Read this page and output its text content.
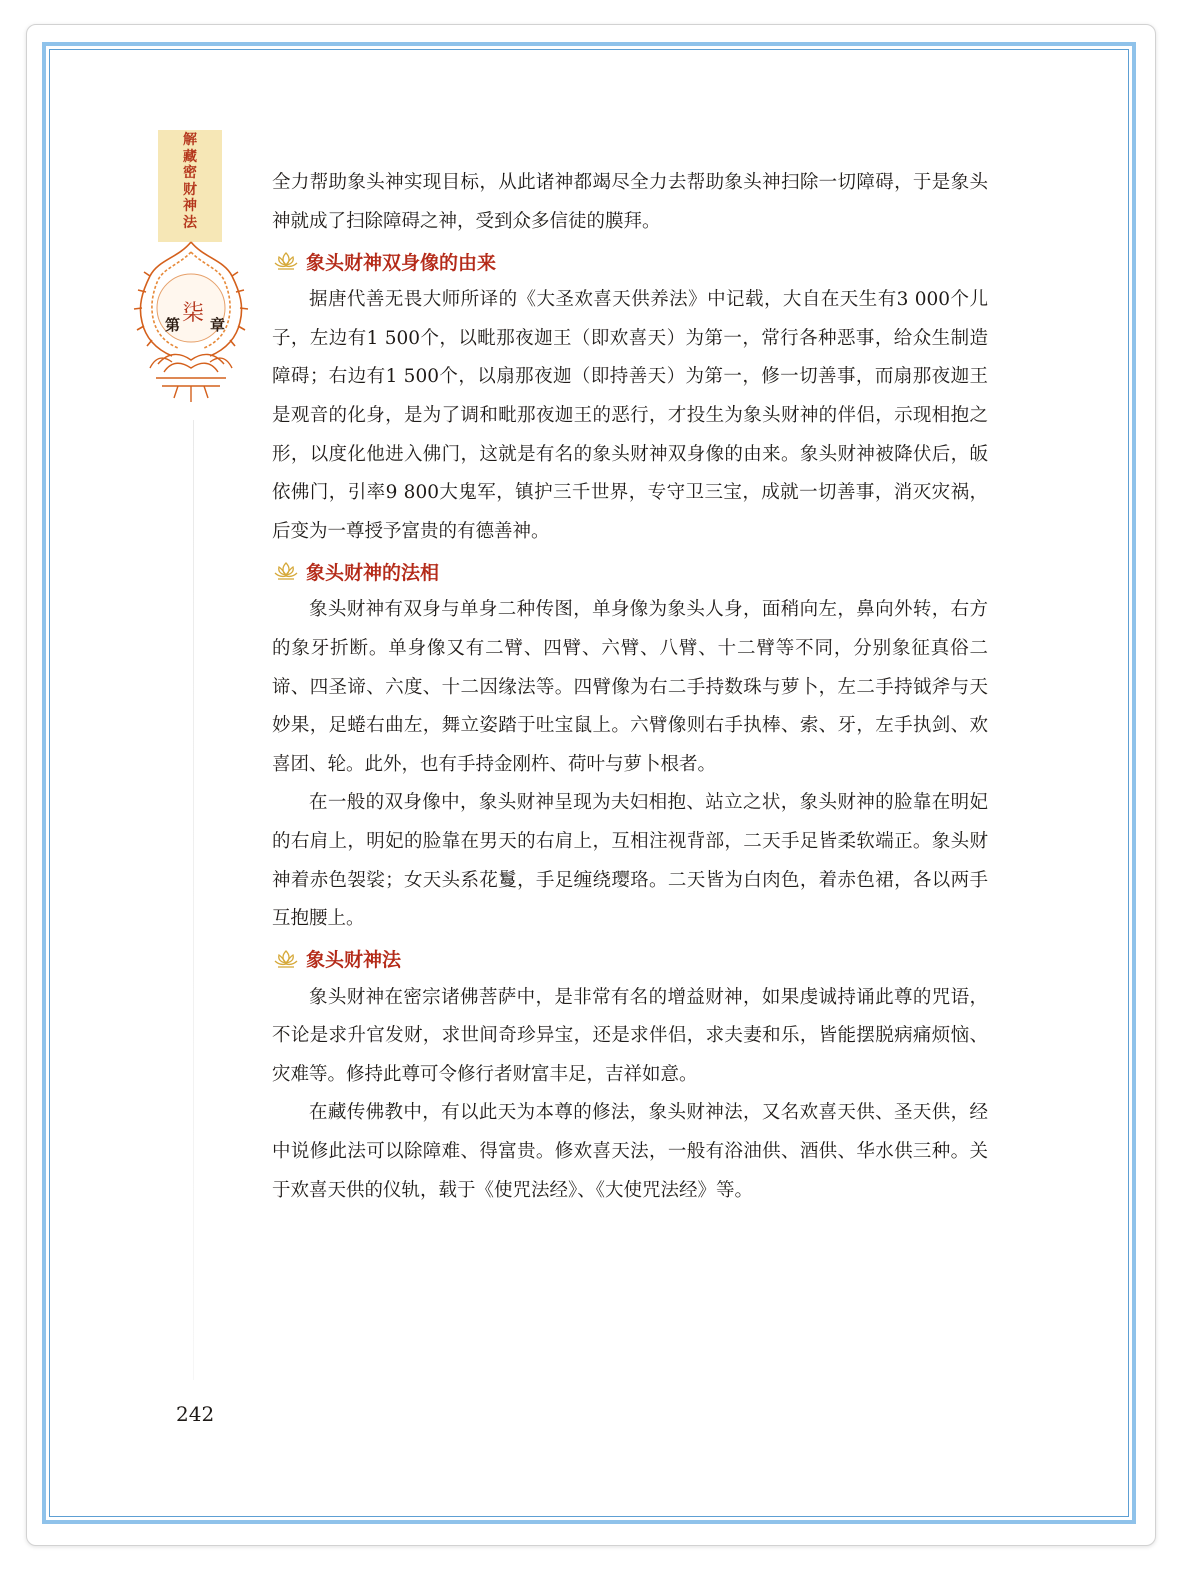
解
藏
密
财
神
法
第 柒 章

全力帮助象头神实现目标，从此诸神都竭尽全力去帮助象头神扫除一切障碍，于是象头神就成了扫除障碍之神，受到众多信徒的膜拜。

象头财神双身像的由来

据唐代善无畏大师所译的《大圣欢喜天供养法》中记载，大自在天生有3 000个儿子，左边有1 500个，以毗那夜迦王（即欢喜天）为第一，常行各种恶事，给众生制造障碍；右边有1 500个，以扇那夜迦（即持善天）为第一，修一切善事，而扇那夜迦王是观音的化身，是为了调和毗那夜迦王的恶行，才投生为象头财神的伴侣，示现相抱之形，以度化他进入佛门，这就是有名的象头财神双身像的由来。象头财神被降伏后，皈依佛门，引率9 800大鬼军，镇护三千世界，专守卫三宝，成就一切善事，消灭灾祸，后变为一尊授予富贵的有德善神。

象头财神的法相

象头财神有双身与单身二种传图，单身像为象头人身，面稍向左，鼻向外转，右方的象牙折断。单身像又有二臂、四臂、六臂、八臂、十二臂等不同，分别象征真俗二谛、四圣谛、六度、十二因缘法等。四臂像为右二手持数珠与萝卜，左二手持钺斧与天妙果，足蜷右曲左，舞立姿踏于吐宝鼠上。六臂像则右手执棒、索、牙，左手执剑、欢喜团、轮。此外，也有手持金刚杵、荷叶与萝卜根者。

在一般的双身像中，象头财神呈现为夫妇相抱、站立之状，象头财神的脸靠在明妃的右肩上，明妃的脸靠在男天的右肩上，互相注视背部，二天手足皆柔软端正。象头财神着赤色袈裟；女天头系花鬘，手足缠绕璎珞。二天皆为白肉色，着赤色裙，各以两手互抱腰上。

象头财神法

象头财神在密宗诸佛菩萨中，是非常有名的增益财神，如果虔诚持诵此尊的咒语，不论是求升官发财，求世间奇珍异宝，还是求伴侣，求夫妻和乐，皆能摆脱病痛烦恼、灾难等。修持此尊可令修行者财富丰足，吉祥如意。

在藏传佛教中，有以此天为本尊的修法，象头财神法，又名欢喜天供、圣天供，经中说修此法可以除障难、得富贵。修欢喜天法，一般有浴油供、酒供、华水供三种。关于欢喜天供的仪轨，载于《使咒法经》、《大使咒法经》等。

242
